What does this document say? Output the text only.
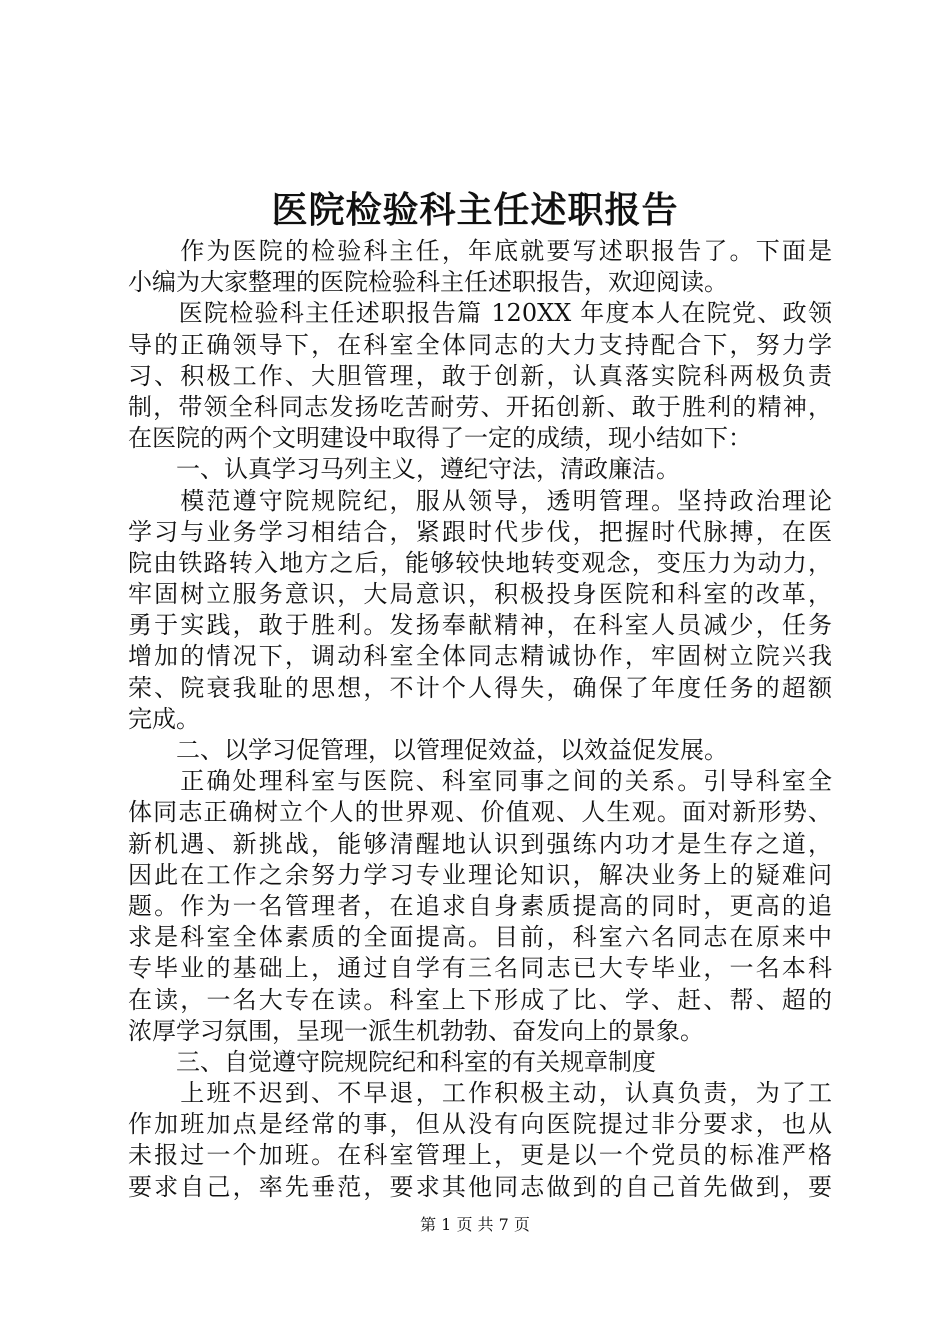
医院检验科主任述职报告
　　作为医院的检验科主任，年底就要写述职报告了。下面是
小编为大家整理的医院检验科主任述职报告，欢迎阅读。
　　医院检验科主任述职报告篇 120XX 年度本人在院党、政领
导的正确领导下，在科室全体同志的大力支持配合下，努力学
习、积极工作、大胆管理，敢于创新，认真落实院科两极负责
制，带领全科同志发扬吃苦耐劳、开拓创新、敢于胜利的精神，
在医院的两个文明建设中取得了一定的成绩，现小结如下：
　　一、认真学习马列主义，遵纪守法，清政廉洁。
　　模范遵守院规院纪，服从领导，透明管理。坚持政治理论
学习与业务学习相结合，紧跟时代步伐，把握时代脉搏，在医
院由铁路转入地方之后，能够较快地转变观念，变压力为动力，
牢固树立服务意识，大局意识，积极投身医院和科室的改革，
勇于实践，敢于胜利。发扬奉献精神，在科室人员减少，任务
增加的情况下，调动科室全体同志精诚协作，牢固树立院兴我
荣、院衰我耻的思想，不计个人得失，确保了年度任务的超额
完成。
　　二、以学习促管理，以管理促效益，以效益促发展。
　　正确处理科室与医院、科室同事之间的关系。引导科室全
体同志正确树立个人的世界观、价值观、人生观。面对新形势、
新机遇、新挑战，能够清醒地认识到强练内功才是生存之道，
因此在工作之余努力学习专业理论知识，解决业务上的疑难问
题。作为一名管理者，在追求自身素质提高的同时，更高的追
求是科室全体素质的全面提高。目前，科室六名同志在原来中
专毕业的基础上，通过自学有三名同志已大专毕业，一名本科
在读，一名大专在读。科室上下形成了比、学、赶、帮、超的
浓厚学习氛围，呈现一派生机勃勃、奋发向上的景象。
　　三、自觉遵守院规院纪和科室的有关规章制度
　　上班不迟到、不早退，工作积极主动，认真负责，为了工
作加班加点是经常的事，但从没有向医院提过非分要求，也从
未报过一个加班。在科室管理上，更是以一个党员的标准严格
要求自己，率先垂范，要求其他同志做到的自己首先做到，要
第 1 页 共 7 页
